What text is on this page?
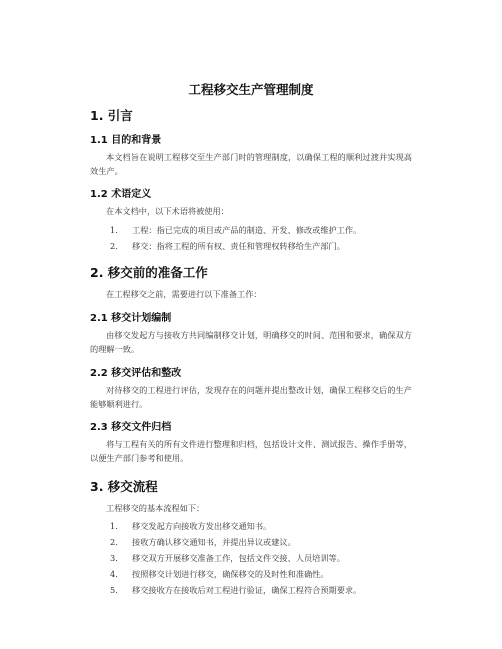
工程移交生产管理制度
1. 引言
1.1 目的和背景
本文档旨在说明工程移交至生产部门时的管理制度，以确保工程的顺利过渡并实现高效生产。
1.2 术语定义
在本文档中，以下术语将被使用：
1. 工程：指已完成的项目或产品的制造、开发、修改或维护工作。
2. 移交：指将工程的所有权、责任和管理权转移给生产部门。
2. 移交前的准备工作
在工程移交之前，需要进行以下准备工作：
2.1 移交计划编制
由移交发起方与接收方共同编制移交计划，明确移交的时间、范围和要求，确保双方的理解一致。
2.2 移交评估和整改
对待移交的工程进行评估，发现存在的问题并提出整改计划，确保工程移交后的生产能够顺利进行。
2.3 移交文件归档
将与工程有关的所有文件进行整理和归档，包括设计文件、测试报告、操作手册等，以便生产部门参考和使用。
3. 移交流程
工程移交的基本流程如下：
1. 移交发起方向接收方发出移交通知书。
2. 接收方确认移交通知书，并提出异议或建议。
3. 移交双方开展移交准备工作，包括文件交接、人员培训等。
4. 按照移交计划进行移交，确保移交的及时性和准确性。
5. 移交接收方在接收后对工程进行验证，确保工程符合预期要求。
